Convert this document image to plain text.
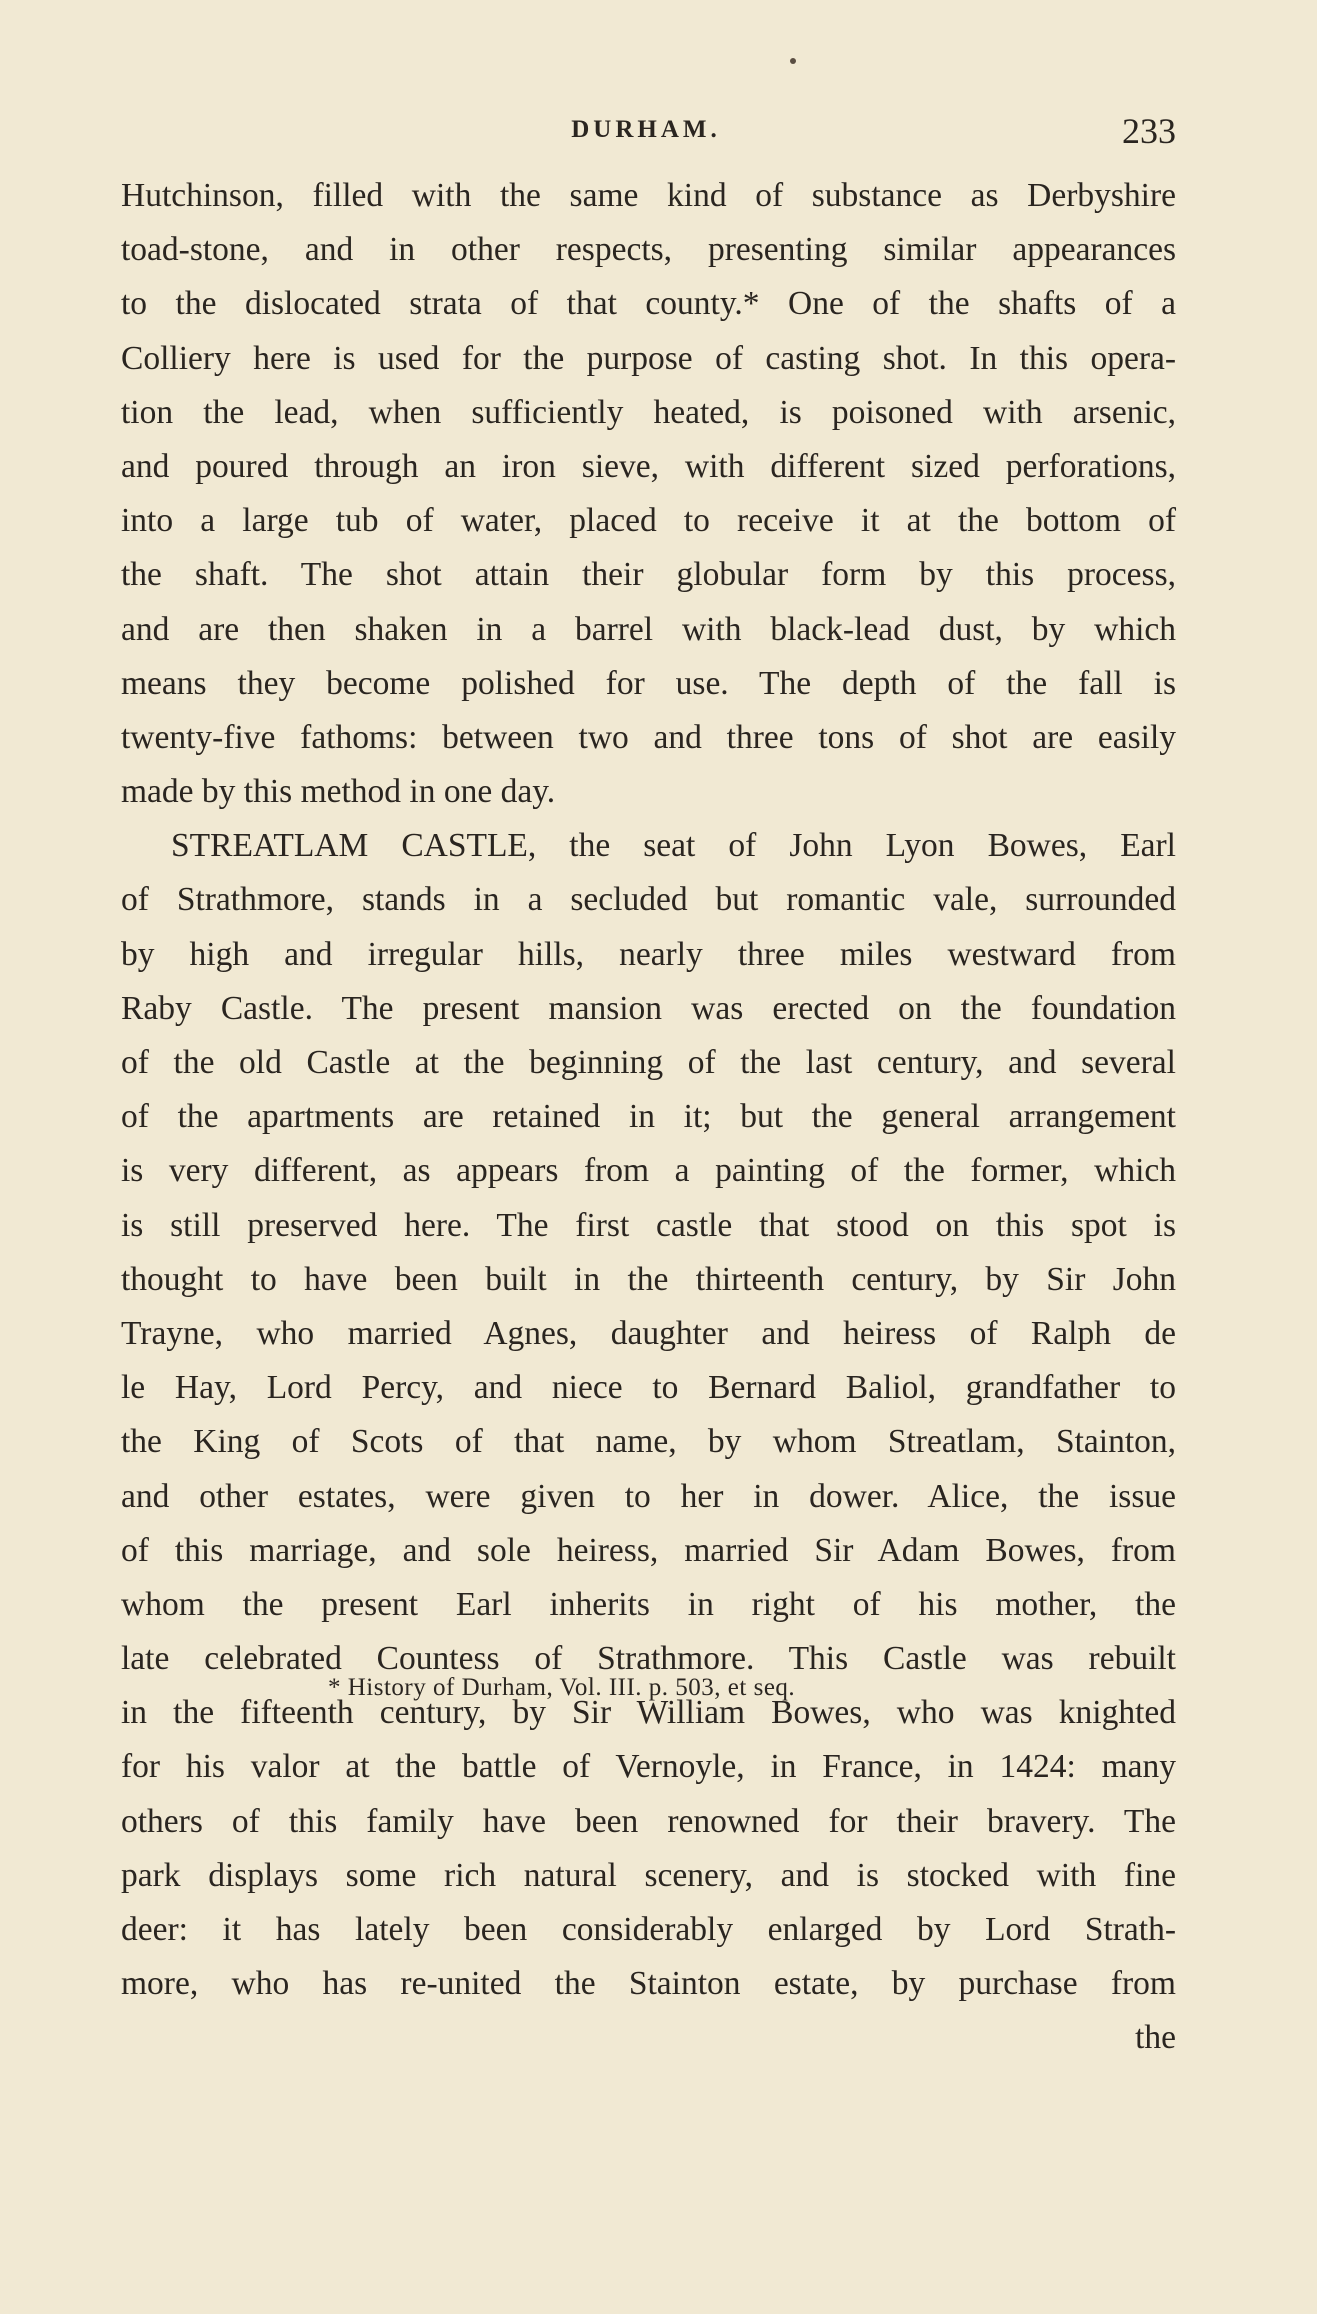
DURHAM.	233
Hutchinson, filled with the same kind of substance as Derbyshire
toad-stone, and in other respects, presenting similar appearances
to the dislocated strata of that county.* One of the shafts of a
Colliery here is used for the purpose of casting shot. In this opera-
tion the lead, when sufficiently heated, is poisoned with arsenic,
and poured through an iron sieve, with different sized perforations,
into a large tub of water, placed to receive it at the bottom of
the shaft. The shot attain their globular form by this process,
and are then shaken in a barrel with black-lead dust, by which
means they become polished for use. The depth of the fall is
twenty-five fathoms: between two and three tons of shot are easily
made by this method in one day.
STREATLAM CASTLE, the seat of John Lyon Bowes, Earl
of Strathmore, stands in a secluded but romantic vale, surrounded
by high and irregular hills, nearly three miles westward from
Raby Castle. The present mansion was erected on the foundation
of the old Castle at the beginning of the last century, and several
of the apartments are retained in it; but the general arrangement
is very different, as appears from a painting of the former, which
is still preserved here. The first castle that stood on this spot is
thought to have been built in the thirteenth century, by Sir John
Trayne, who married Agnes, daughter and heiress of Ralph de
le Hay, Lord Percy, and niece to Bernard Baliol, grandfather to
the King of Scots of that name, by whom Streatlam, Stainton,
and other estates, were given to her in dower. Alice, the issue
of this marriage, and sole heiress, married Sir Adam Bowes, from
whom the present Earl inherits in right of his mother, the
late celebrated Countess of Strathmore. This Castle was rebuilt
in the fifteenth century, by Sir William Bowes, who was knighted
for his valor at the battle of Vernoyle, in France, in 1424: many
others of this family have been renowned for their bravery. The
park displays some rich natural scenery, and is stocked with fine
deer: it has lately been considerably enlarged by Lord Strath-
more, who has re-united the Stainton estate, by purchase from
the
* History of Durham, Vol. III. p. 503, et seq.
